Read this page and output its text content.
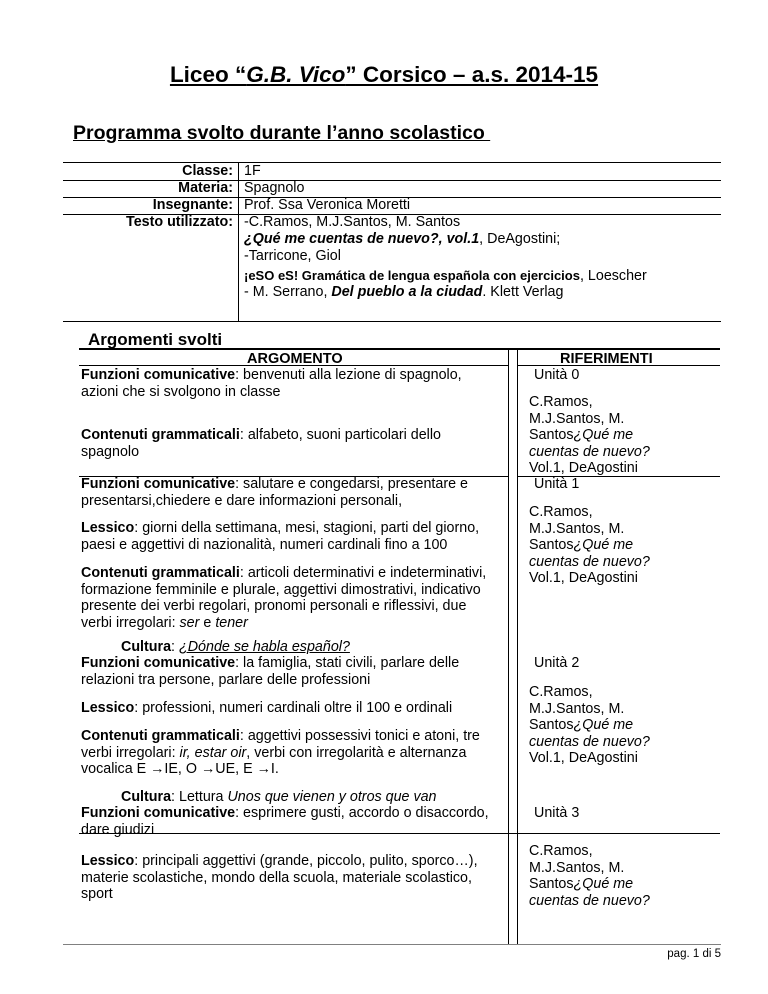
Liceo “G.B. Vico” Corsico – a.s. 2014-15
Programma svolto durante l’anno scolastico
Classe: 1F
Materia: Spagnolo
Insegnante: Prof. Ssa Veronica Moretti
Testo utilizzato: -C.Ramos, M.J.Santos, M. Santos
¿Qué me cuentas de nuevo?, vol.1, DeAgostini;
-Tarricone, Giol
¡eSO eS! Gramática de lengua española con ejercicios, Loescher
- M. Serrano, Del pueblo a la ciudad. Klett Verlag
Argomenti svolti
ARGOMENTO	RIFERIMENTI
Funzioni comunicative: benvenuti alla lezione di spagnolo, azioni che si svolgono in classe
Contenuti grammaticali: alfabeto, suoni particolari dello spagnolo
Unità 0
C.Ramos,
M.J.Santos, M.
Santos¿Qué me
cuentas de nuevo?
Vol.1, DeAgostini
Funzioni comunicative: salutare e congedarsi, presentare e presentarsi,chiedere e dare informazioni personali,
Lessico: giorni della settimana, mesi, stagioni, parti del giorno, paesi e aggettivi di nazionalità, numeri cardinali fino a 100
Contenuti grammaticali: articoli determinativi e indeterminativi, formazione femminile e plurale, aggettivi dimostrativi, indicativo presente dei verbi regolari, pronomi personali e riflessivi, due verbi irregolari: ser e tener
Cultura: ¿Dónde se habla español?
Unità 1
C.Ramos,
M.J.Santos, M.
Santos¿Qué me
cuentas de nuevo?
Vol.1, DeAgostini
Funzioni comunicative: la famiglia, stati civili, parlare delle relazioni tra persone, parlare delle professioni
Lessico: professioni, numeri cardinali oltre il 100 e ordinali
Contenuti grammaticali: aggettivi possessivi tonici e atoni, tre verbi irregolari: ir, estar oir, verbi con irregolarità e alternanza vocalica E →IE, O →UE, E →I.
Cultura: Lettura Unos que vienen y otros que van
Unità 2
C.Ramos,
M.J.Santos, M.
Santos¿Qué me
cuentas de nuevo?
Vol.1, DeAgostini
Funzioni comunicative: esprimere gusti, accordo o disaccordo, dare giudizi
Unità 3
Lessico: principali aggettivi (grande, piccolo, pulito, sporco…), materie scolastiche, mondo della scuola, materiale scolastico, sport
C.Ramos,
M.J.Santos, M.
Santos¿Qué me
cuentas de nuevo?
pag. 1 di 5
